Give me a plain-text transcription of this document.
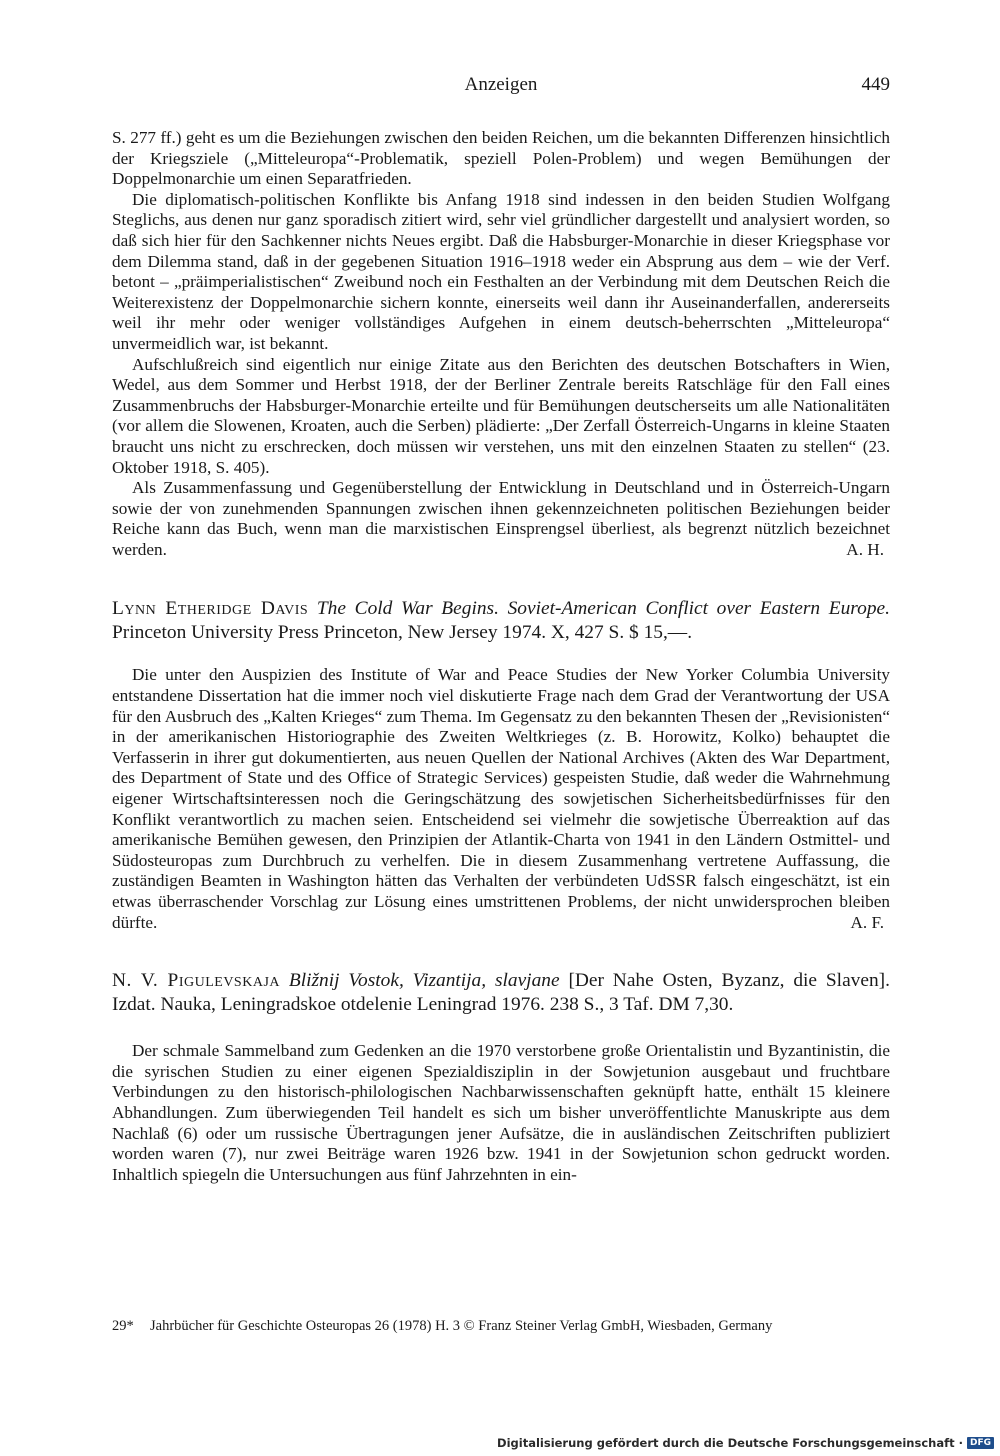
Anzeigen	449

S. 277 ff.) geht es um die Beziehungen zwischen den beiden Reichen, um die bekannten Differenzen hinsichtlich der Kriegsziele („Mitteleuropa“-Problematik, speziell Polen-Problem) und wegen Bemühungen der Doppelmonarchie um einen Separatfrieden.

Die diplomatisch-politischen Konflikte bis Anfang 1918 sind indessen in den beiden Studien Wolfgang Steglichs, aus denen nur ganz sporadisch zitiert wird, sehr viel gründlicher dargestellt und analysiert worden, so daß sich hier für den Sachkenner nichts Neues ergibt. Daß die Habsburger-Monarchie in dieser Kriegsphase vor dem Dilemma stand, daß in der gegebenen Situation 1916–1918 weder ein Absprung aus dem – wie der Verf. betont – „präimperialistischen“ Zweibund noch ein Festhalten an der Verbindung mit dem Deutschen Reich die Weiterexistenz der Doppelmonarchie sichern konnte, einerseits weil dann ihr Auseinanderfallen, andererseits weil ihr mehr oder weniger vollständiges Aufgehen in einem deutsch-beherrschten „Mitteleuropa“ unvermeidlich war, ist bekannt.

Aufschlußreich sind eigentlich nur einige Zitate aus den Berichten des deutschen Botschafters in Wien, Wedel, aus dem Sommer und Herbst 1918, der der Berliner Zentrale bereits Ratschläge für den Fall eines Zusammenbruchs der Habsburger-Monarchie erteilte und für Bemühungen deutscherseits um alle Nationalitäten (vor allem die Slowenen, Kroaten, auch die Serben) plädierte: „Der Zerfall Österreich-Ungarns in kleine Staaten braucht uns nicht zu erschrecken, doch müssen wir verstehen, uns mit den einzelnen Staaten zu stellen“ (23. Oktober 1918, S. 405).

Als Zusammenfassung und Gegenüberstellung der Entwicklung in Deutschland und in Österreich-Ungarn sowie der von zunehmenden Spannungen zwischen ihnen gekennzeichneten politischen Beziehungen beider Reiche kann das Buch, wenn man die marxistischen Einsprengsel überliest, als begrenzt nützlich bezeichnet werden.	A. H.

Lynn Etheridge Davis The Cold War Begins. Soviet-American Conflict over Eastern Europe. Princeton University Press Princeton, New Jersey 1974. X, 427 S. $ 15,—.

Die unter den Auspizien des Institute of War and Peace Studies der New Yorker Columbia University entstandene Dissertation hat die immer noch viel diskutierte Frage nach dem Grad der Verantwortung der USA für den Ausbruch des „Kalten Krieges“ zum Thema. Im Gegensatz zu den bekannten Thesen der „Revisionisten“ in der amerikanischen Historiographie des Zweiten Weltkrieges (z. B. Horowitz, Kolko) behauptet die Verfasserin in ihrer gut dokumentierten, aus neuen Quellen der National Archives (Akten des War Department, des Department of State und des Office of Strategic Services) gespeisten Studie, daß weder die Wahrnehmung eigener Wirtschaftsinteressen noch die Geringschätzung des sowjetischen Sicherheitsbedürfnisses für den Konflikt verantwortlich zu machen seien. Entscheidend sei vielmehr die sowjetische Überreaktion auf das amerikanische Bemühen gewesen, den Prinzipien der Atlantik-Charta von 1941 in den Ländern Ostmittel- und Südosteuropas zum Durchbruch zu verhelfen. Die in diesem Zusammenhang vertretene Auffassung, die zuständigen Beamten in Washington hätten das Verhalten der verbündeten UdSSR falsch eingeschätzt, ist ein etwas überraschender Vorschlag zur Lösung eines umstrittenen Problems, der nicht unwidersprochen bleiben dürfte.	A. F.

N. V. Pigulevskaja Bližnij Vostok, Vizantija, slavjane [Der Nahe Osten, Byzanz, die Slaven]. Izdat. Nauka, Leningradskoe otdelenie Leningrad 1976. 238 S., 3 Taf. DM 7,30.

Der schmale Sammelband zum Gedenken an die 1970 verstorbene große Orientalistin und Byzantinistin, die die syrischen Studien zu einer eigenen Spezialdisziplin in der Sowjetunion ausgebaut und fruchtbare Verbindungen zu den historisch-philologischen Nachbarwissenschaften geknüpft hatte, enthält 15 kleinere Abhandlungen. Zum überwiegenden Teil handelt es sich um bisher unveröffentlichte Manuskripte aus dem Nachlaß (6) oder um russische Übertragungen jener Aufsätze, die in ausländischen Zeitschriften publiziert worden waren (7), nur zwei Beiträge waren 1926 bzw. 1941 in der Sowjetunion schon gedruckt worden. Inhaltlich spiegeln die Untersuchungen aus fünf Jahrzehnten in ein-

29* Jahrbücher für Geschichte Osteuropas 26 (1978) H. 3 © Franz Steiner Verlag GmbH, Wiesbaden, Germany
Digitalisierung gefördert durch die Deutsche Forschungsgemeinschaft · DFG
